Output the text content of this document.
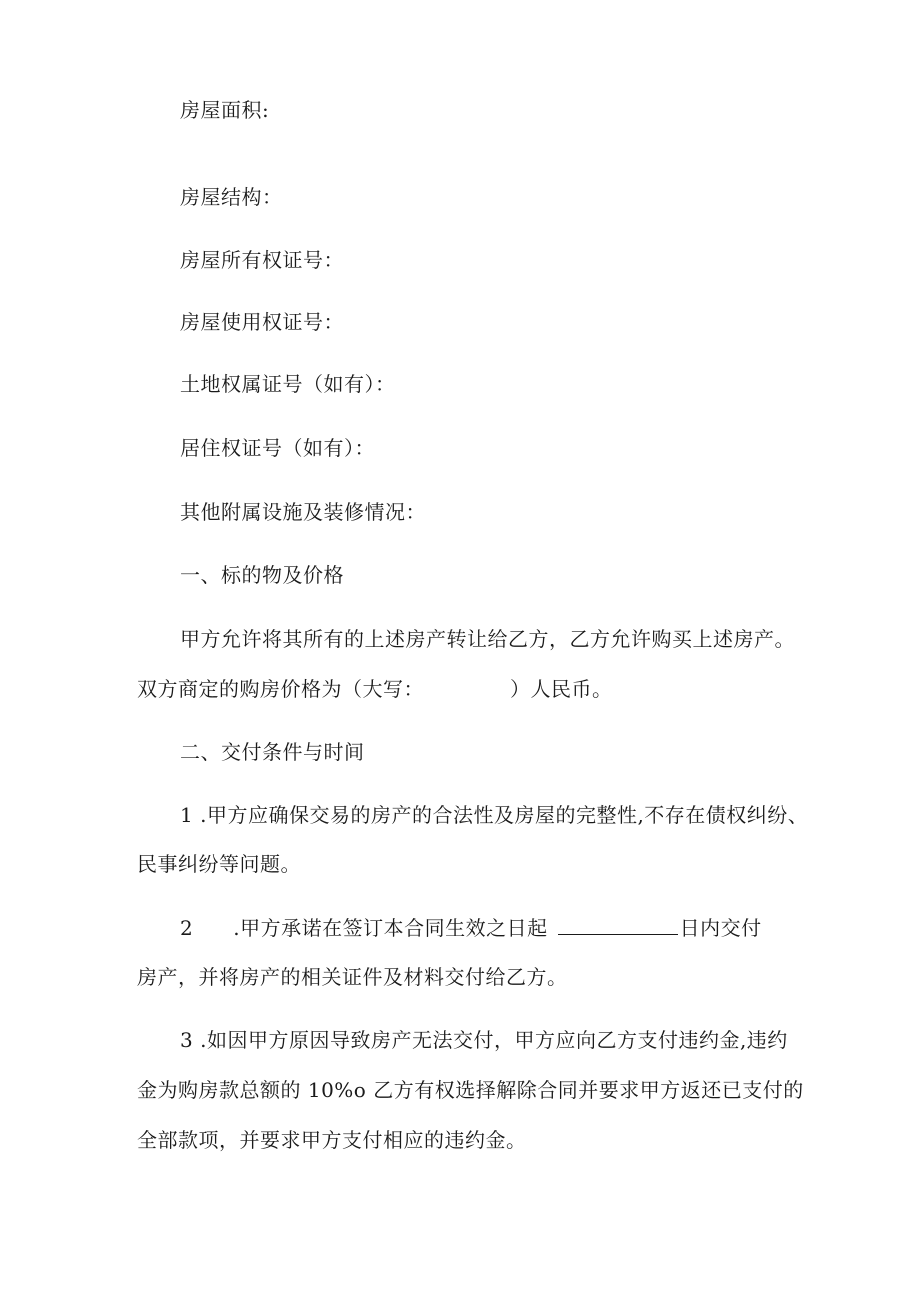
房屋面积:
房屋结构：
房屋所有权证号：
房屋使用权证号：
土地权属证号（如有）：
居住权证号（如有）：
其他附属设施及装修情况：
一、标的物及价格
甲方允许将其所有的上述房产转让给乙方，乙方允许购买上述房产。
双方商定的购房价格为（大写：	）人民币。
二、交付条件与时间
1 .甲方应确保交易的房产的合法性及房屋的完整性,不存在债权纠纷、
民事纠纷等问题。
2 .甲方承诺在签订本合同生效之日起	日内交付
房产，并将房产的相关证件及材料交付给乙方。
3 .如因甲方原因导致房产无法交付，甲方应向乙方支付违约金,违约
金为购房款总额的 10%o 乙方有权选择解除合同并要求甲方返还已支付的
全部款项，并要求甲方支付相应的违约金。
